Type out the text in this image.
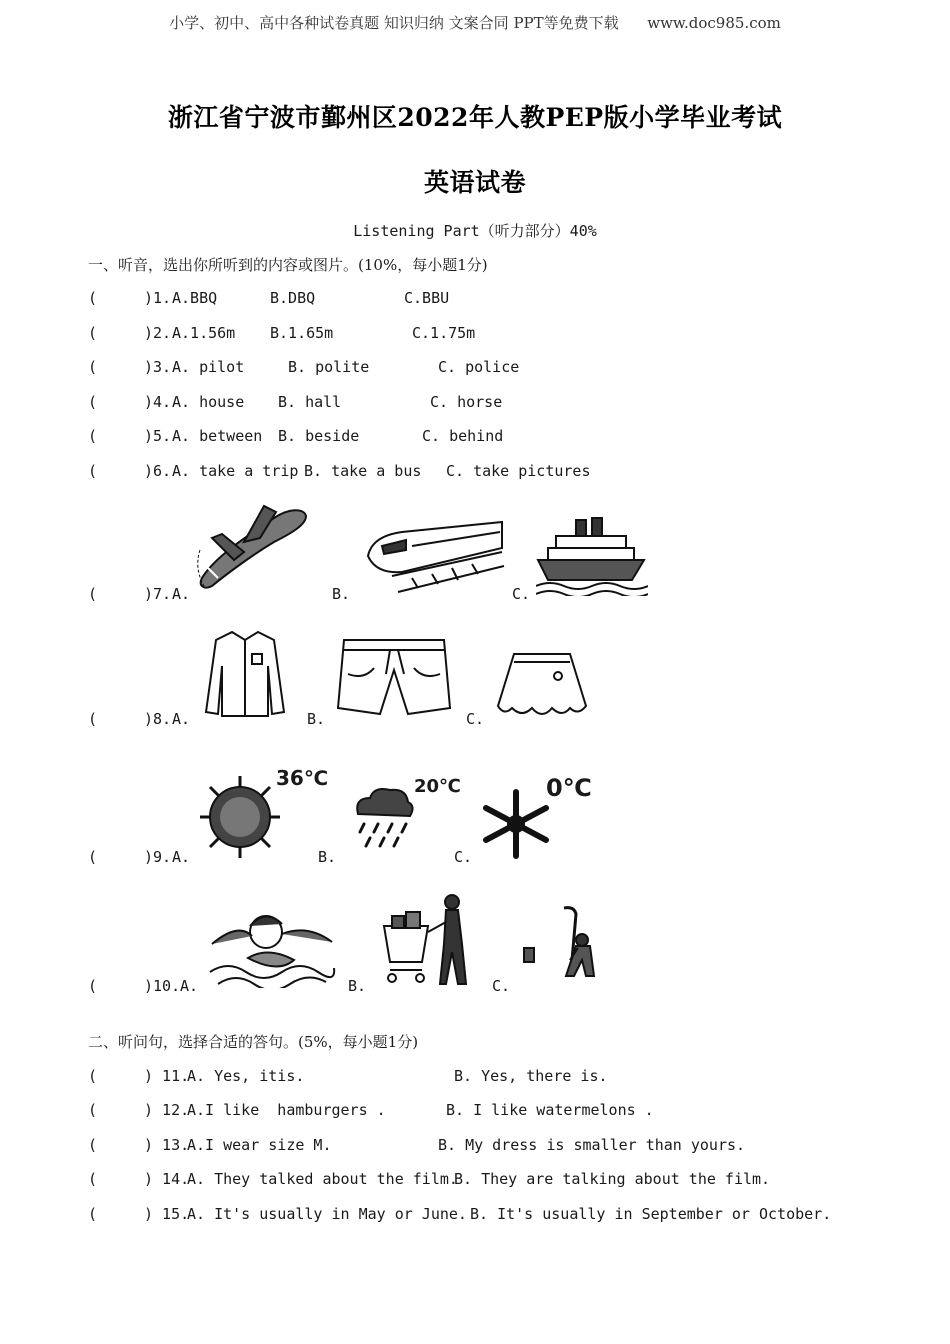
小学、初中、高中各种试卷真题 知识归纳 文案合同 PPT等免费下载 www.doc985.com
浙江省宁波市鄞州区2022年人教PEP版小学毕业考试
英语试卷
Listening Part（听力部分）40%
一、听音，选出你所听到的内容或图片。(10%，每小题1分)
(	)1. A.BBQ	B.DBQ	C.BBU
(	)2. A.1.56m B.1.65m	C.1.75m
(	)3. A. pilot	B. polite	C. police
(	)4. A. house B. hall	C. horse
(	)5. A. between B. beside	C. behind
(	)6. A. take a trip B. take a bus C. take pictures
(	)7. A.	B.	C.
(	)8. A.	B.	C.
(	)9. A.	B.	C.
36℃	20℃	0℃
(	)10. A.	B.	C.
二、听问句，选择合适的答句。(5%，每小题1分)
(	) 11.
A. Yes, itis.	B. Yes, there is.
(	) 12.
A.I like  hamburgers .	B. I like watermelons .
(	) 13.
A.I wear size M.	B. My dress is smaller than yours.
(	) 14.
A. They talked about the film.
B. They are talking about the film.
(	) 15.
A. It's usually in May or June. B. It's usually in September or October.
